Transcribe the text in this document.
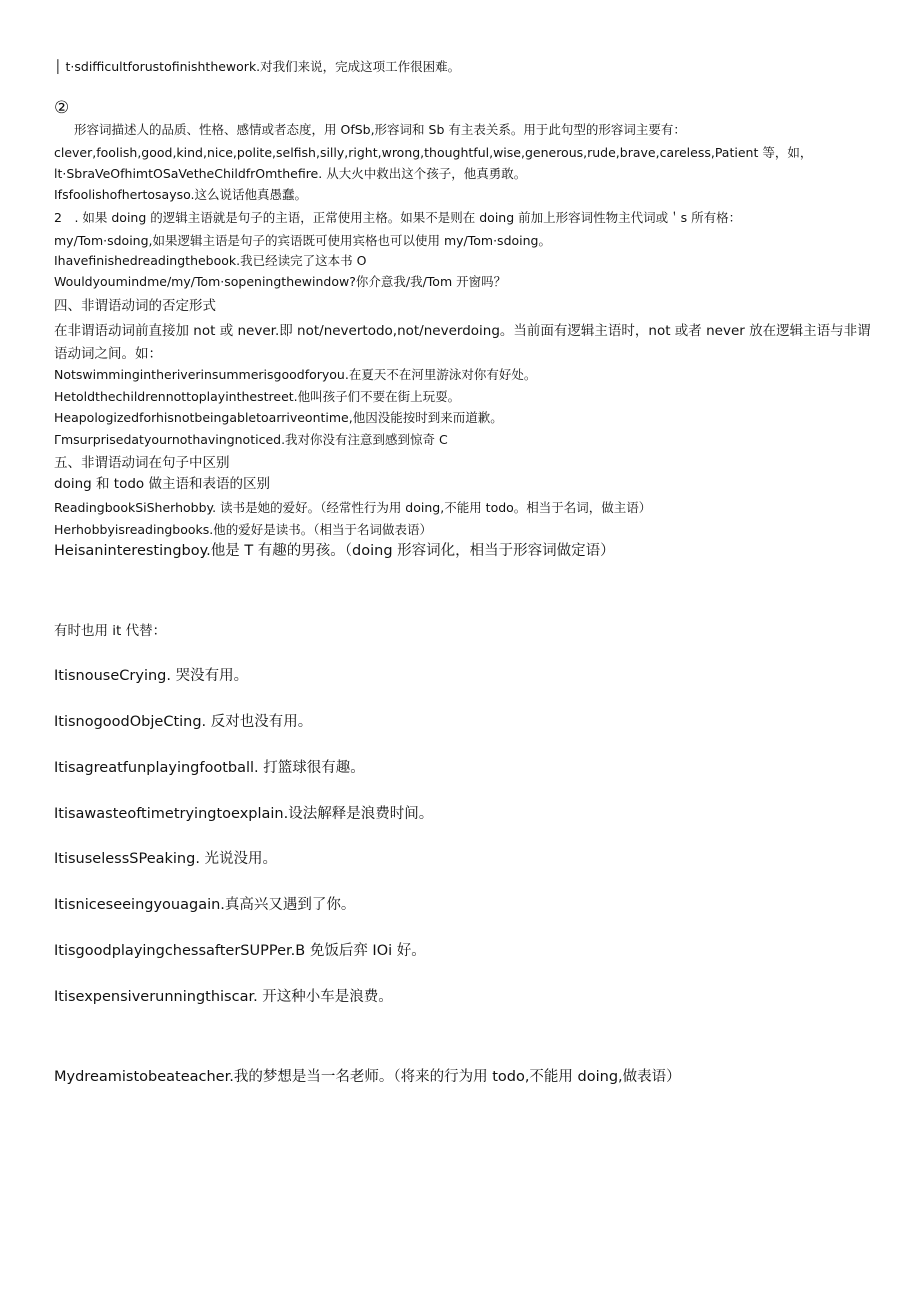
│ t·sdifficultforustofinishthework.对我们来说，完成这项工作很困难。
②
形容词描述人的品质、性格、感情或者态度，用 OfSb,形容词和 Sb 有主表关系。用于此句型的形容词主要有：
clever,foolish,good,kind,nice,polite,selfish,silly,right,wrong,thoughtful,wise,generous,rude,brave,careless,Patient 等，如，
lt·SbraVeOfhimtOSaVetheChildfrOmthefire. 从大火中救出这个孩子，他真勇敢。
Ifsfoolishofhertosayso.这么说话他真愚蠢。
2　. 如果 doing 的逻辑主语就是句子的主语，正常使用主格。如果不是则在 doing 前加上形容词性物主代词或＇s 所有格：
my/Tom·sdoing,如果逻辑主语是句子的宾语既可使用宾格也可以使用 my/Tom·sdoing。
Ihavefinishedreadingthebook.我已经读完了这本书 O
Wouldyoumindme∕my/Tom·sopeningthewindow?你介意我∕我/Tom 开窗吗？
四、非谓语动词的否定形式
在非谓语动词前直接加 not 或 never.即 not/nevertodo,not/neverdoing。当前面有逻辑主语时，not 或者 never 放在逻辑主语与非谓语动词之间。如：
Notswimmingintheriverinsummerisgoodforyou.在夏天不在河里游泳对你有好处。
Hetoldthechildrennottoplayinthestreet.他叫孩子们不要在街上玩耍。
Heapologizedforhisnotbeingabletoarriveontime,他因没能按时到来而道歉。
Γmsurprisedatyournothavingnoticed.我对你没有注意到感到惊奇 C
五、非谓语动词在句子中区别
doing 和 todo 做主语和表语的区别
ReadingbookSiSherhobby. 读书是她的爱好。（经常性行为用 doing,不能用 todo。相当于名词，做主语）
Herhobbyisreadingbooks.他的爱好是读书。（相当于名词做表语）
Heisaninterestingboy.他是 T 有趣的男孩。（doing 形容词化，相当于形容词做定语）
有时也用 it 代替：
ItisnouseCrying. 哭没有用。
ItisnogoodObjeCting. 反对也没有用。
Itisagreatfunplayingfootball. 打篮球很有趣。
Itisawasteoftimetryingtoexplain.设法解释是浪费时间。
ItisuselessSPeaking. 光说没用。
Itisniceseeingyouagain.真高兴又遇到了你。
ItisgoodplayingchessafterSUPPer.B 免饭后弈 IOi 好。
Itisexpensiverunningthiscar. 开这种小车是浪费。
Mydreamistobeateacher.我的梦想是当一名老师。（将来的行为用 todo,不能用 doing,做表语）
